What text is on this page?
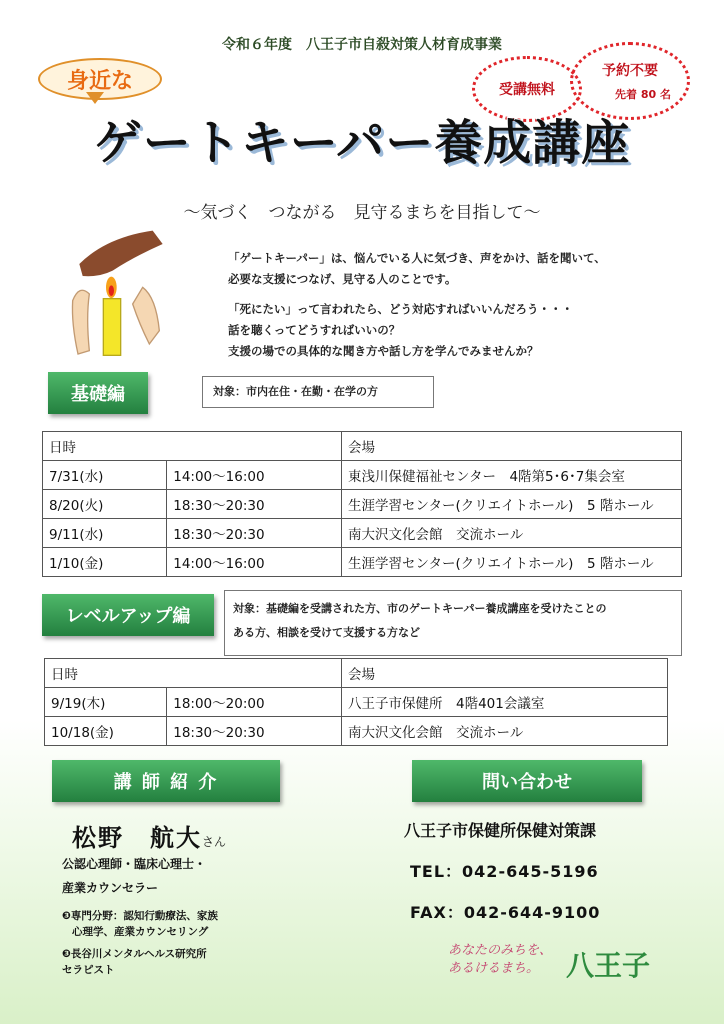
令和６年度　八王子市自殺対策人材育成事業
身近な	受講無料
予約不要
先着 80 名
ゲートキーパー養成講座
～気づく　つながる　見守るまちを目指して～

「ゲートキーパー」は、悩んでいる人に気づき、声をかけ、話を聞いて、
必要な支援につなげ、見守る人のことです。

「死にたい」って言われたら、どう対応すればいいんだろう・・・
話を聴くってどうすればいいの？
支援の場での具体的な聞き方や話し方を学んでみませんか？

基礎編	対象：市内在住・在勤・在学の方
日時		会場
7/31(水)	14:00～16:00	東浅川保健福祉センター　4階第5･6･7集会室
8/20(火)	18:30～20:30	生涯学習センター(クリエイトホール)　5 階ホール
9/11(水)	18:30～20:30	南大沢文化会館　交流ホール
1/10(金)	14:00～16:00	生涯学習センター(クリエイトホール)　5 階ホール
レベルアップ編	対象：基礎編を受講された方、市のゲートキーパー養成講座を受けたことの
ある方、相談を受けて支援する方など
日時		会場
9/19(木)	18:00～20:00	八王子市保健所　4階401会議室
10/18(金)	18:30～20:30	南大沢文化会館　交流ホール
講 師 紹 介
松野　航大さん
公認心理師・臨床心理士・
産業カウンセラー
❸専門分野：認知行動療法、家族
心理学、産業カウンセリング
❸長谷川メンタルヘルス研究所
セラピスト
問い合わせ
八王子市保健所保健対策課
TEL：042-645-5196
FAX：042-644-9100
あなたのみちを、
あるけるまち。 八王子
